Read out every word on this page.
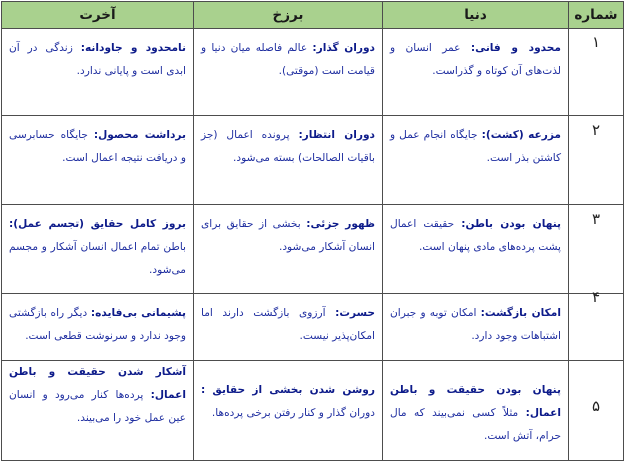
شماره	دنیا	برزخ	آخرت
۱	محدود و فانی: عمر انسان و لذت‌های آن کوتاه و گذراست.	دوران گذار: عالم فاصله میان دنیا و قیامت است (موقتی).	نامحدود و جاودانه: زندگی در آن ابدی است و پایانی ندارد.
۲	مزرعه (کشت): جایگاه انجام عمل و کاشتن بذر است.	دوران انتظار: پرونده اعمال (جز باقیات الصالحات) بسته می‌شود.	برداشت محصول: جایگاه حسابرسی و دریافت نتیجه اعمال است.
۳	پنهان بودن باطن: حقیقت اعمال پشت پرده‌های مادی پنهان است.	ظهور جزئی: بخشی از حقایق برای انسان آشکار می‌شود.	بروز کامل حقایق (تجسم عمل): باطن تمام اعمال انسان آشکار و مجسم می‌شود.
۴	امکان بازگشت: امکان توبه و جبران اشتباهات وجود دارد.	حسرت: آرزوی بازگشت دارند اما امکان‌پذیر نیست.	پشیمانی بی‌فایده: دیگر راه بازگشتی وجود ندارد و سرنوشت قطعی است.
۵	پنهان بودن حقیقت و باطن اعمال: مثلاً کسی نمی‌بیند که مال حرام، آتش است.	روشن شدن بخشی از حقایق : دوران گذار و کنار رفتن برخی پرده‌ها.	آشکار شدن حقیقت و باطن اعمال: پرده‌ها کنار می‌رود و انسان عین عمل خود را می‌بیند.
